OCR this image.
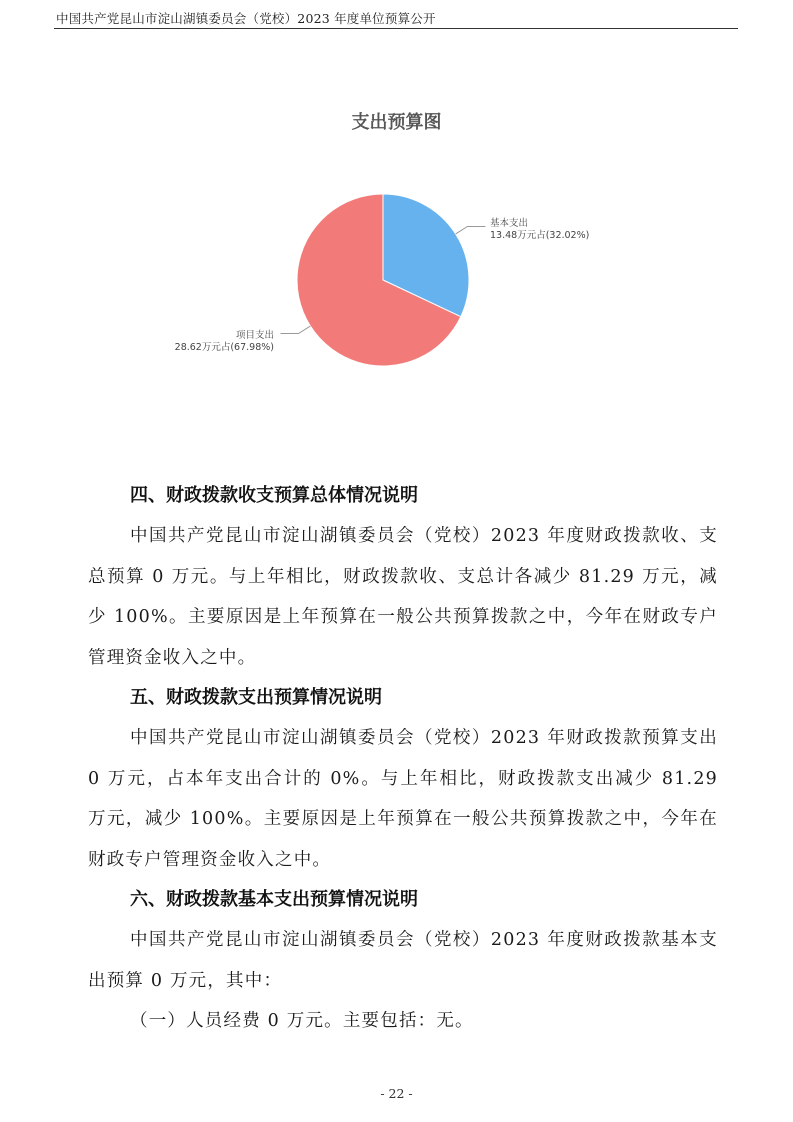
中国共产党昆山市淀山湖镇委员会（党校）2023 年度单位预算公开
支出预算图
基本支出
13.48万元占(32.02%)
项目支出
28.62万元占(67.98%)
四、财政拨款收支预算总体情况说明

中国共产党昆山市淀山湖镇委员会（党校）2023 年度财政拨款收、支总预算 0 万元。与上年相比，财政拨款收、支总计各减少 81.29 万元，减少 100%。主要原因是上年预算在一般公共预算拨款之中，今年在财政专户管理资金收入之中。

五、财政拨款支出预算情况说明

中国共产党昆山市淀山湖镇委员会（党校）2023 年财政拨款预算支出 0 万元，占本年支出合计的 0%。与上年相比，财政拨款支出减少 81.29 万元，减少 100%。主要原因是上年预算在一般公共预算拨款之中，今年在财政专户管理资金收入之中。

六、财政拨款基本支出预算情况说明

中国共产党昆山市淀山湖镇委员会（党校）2023 年度财政拨款基本支出预算 0 万元，其中：

（一）人员经费 0 万元。主要包括：无。

- 22 -
